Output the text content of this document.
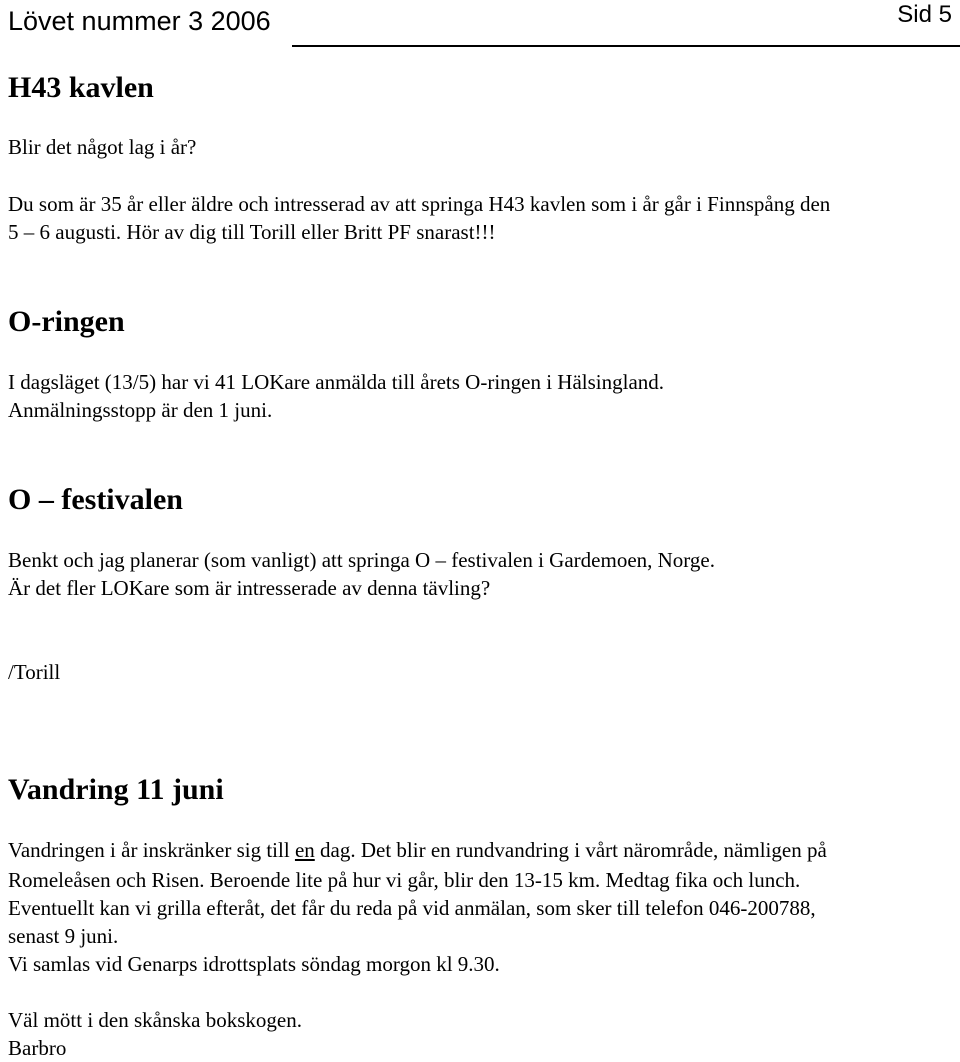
Lövet nummer 3 2006	Sid 5
H43 kavlen

Blir det något lag i år?

Du som är 35 år eller äldre och intresserad av att springa H43 kavlen som i år går i Finnspång den

5 – 6 augusti. Hör av dig till Torill eller Britt PF snarast!!!

O-ringen

I dagsläget (13/5) har vi 41 LOKare anmälda till årets O-ringen i Hälsingland.

Anmälningsstopp är den 1 juni.

O – festivalen

Benkt och jag planerar (som vanligt) att springa O – festivalen i Gardemoen, Norge.

Är det fler LOKare som är intresserade av denna tävling?

/Torill

Vandring 11 juni

Vandringen i år inskränker sig till en dag. Det blir en rundvandring i vårt närområde, nämligen på

Romeleåsen och Risen. Beroende lite på hur vi går, blir den 13-15 km. Medtag fika och lunch.

Eventuellt kan vi grilla efteråt, det får du reda på vid anmälan, som sker till telefon 046-200788,

senast 9 juni.

Vi samlas vid Genarps idrottsplats söndag morgon kl 9.30.

Väl mött i den skånska bokskogen.

Barbro
